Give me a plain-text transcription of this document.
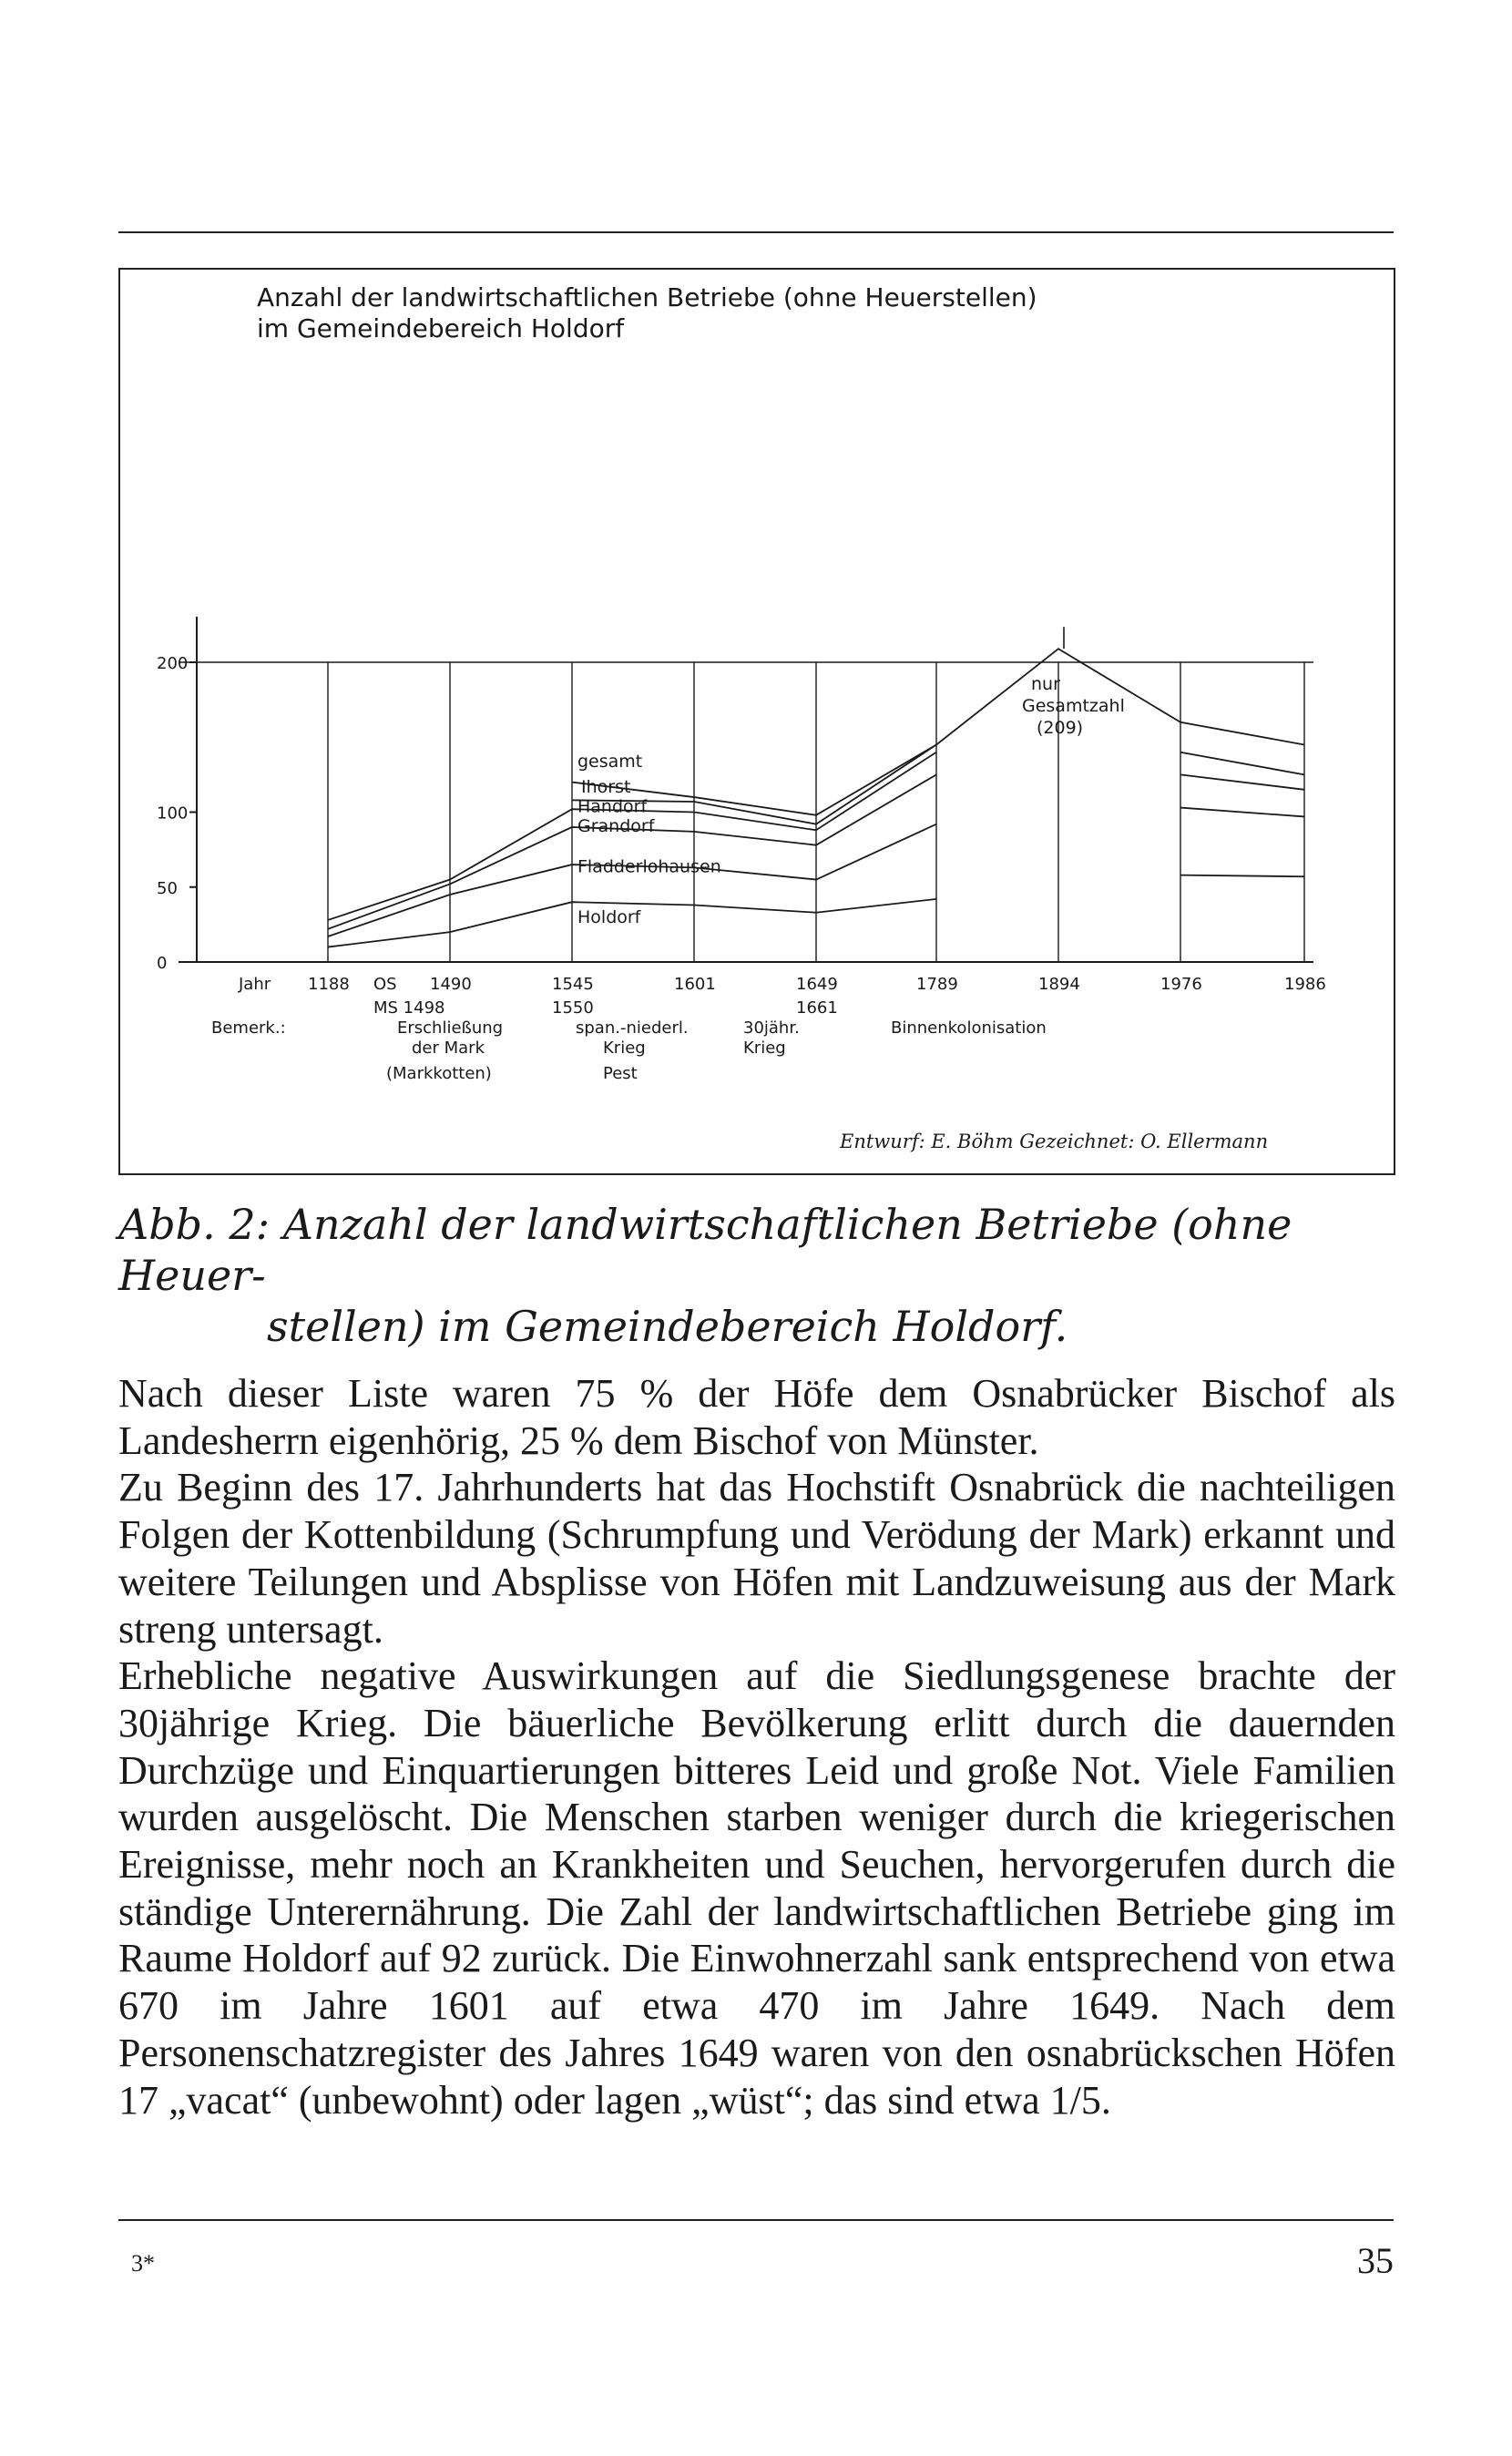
0
50
100
200
Jahr 1188	1490	1545	1601	1649	1789	1894	1976	1986
OS
MS 1498	1550	1661
Bemerk.:	Erschließung
der Mark
(Markkotten)
span.-niederl.
Krieg
Pest
30jähr.
Krieg
Binnenkolonisation
gesamt
Ihorst
Handorf
Grandorf
Fladderlohausen
Holdorf
nur
Gesamtzahl
(209)
Anzahl der landwirtschaftlichen Betriebe (ohne Heuerstellen)
im Gemeindebereich Holdorf
Entwurf: E. Böhm Gezeichnet: O. Ellermann
Abb. 2: Anzahl der landwirtschaftlichen Betriebe (ohne Heuer-
stellen) im Gemeindebereich Holdorf.

Nach dieser Liste waren 75 % der Höfe dem Osnabrücker Bischof als Landesherrn eigenhörig, 25 % dem Bischof von Münster.

Zu Beginn des 17. Jahrhunderts hat das Hochstift Osnabrück die nachteiligen Folgen der Kottenbildung (Schrumpfung und Verödung der Mark) erkannt und weitere Teilungen und Absplisse von Höfen mit Landzuweisung aus der Mark streng untersagt.

Erhebliche negative Auswirkungen auf die Siedlungsgenese brachte der 30jährige Krieg. Die bäuerliche Bevölkerung erlitt durch die dauernden Durchzüge und Einquartierungen bitteres Leid und große Not. Viele Familien wurden ausgelöscht. Die Menschen starben weniger durch die kriegerischen Ereignisse, mehr noch an Krankheiten und Seuchen, hervorgerufen durch die ständige Unterernährung. Die Zahl der landwirtschaftlichen Betriebe ging im Raume Holdorf auf 92 zurück. Die Einwohnerzahl sank entsprechend von etwa 670 im Jahre 1601 auf etwa 470 im Jahre 1649. Nach dem Personenschatzregister des Jahres 1649 waren von den osnabrückschen Höfen 17 „vacat“ (unbewohnt) oder lagen „wüst“; das sind etwa 1/5.

3*	35
